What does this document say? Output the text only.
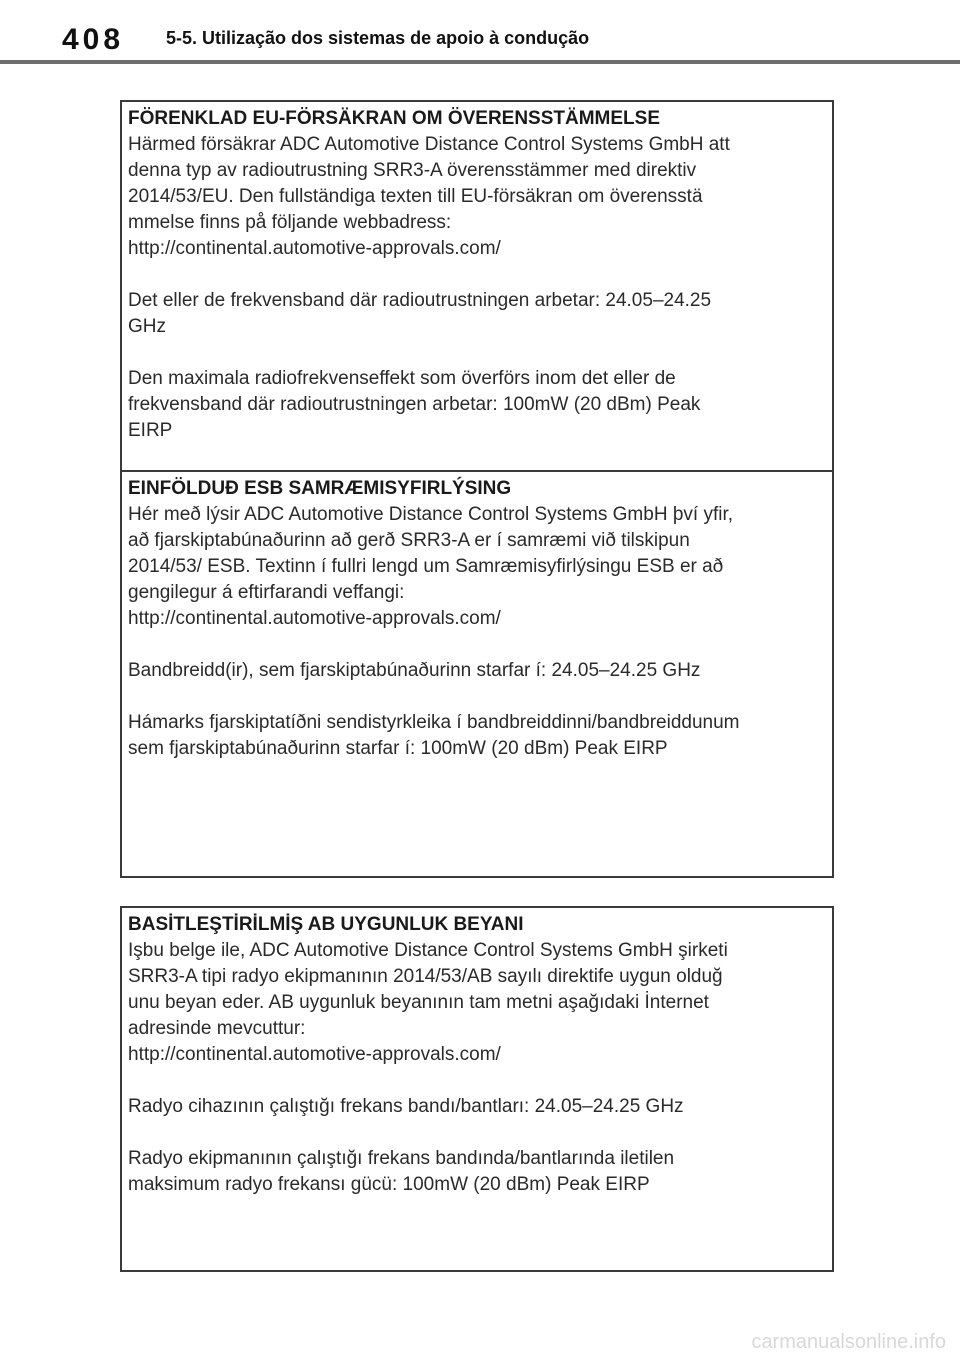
408 5-5. Utilização dos sistemas de apoio à condução

FÖRENKLAD EU-FÖRSÄKRAN OM ÖVERENSSTÄMMELSE

Härmed försäkrar ADC Automotive Distance Control Systems GmbH att
denna typ av radioutrustning SRR3-A överensstämmer med direktiv
2014/53/EU. Den fullständiga texten till EU-försäkran om överensstä
mmelse finns på följande webbadress:
http://continental.automotive-approvals.com/

Det eller de frekvensband där radioutrustningen arbetar: 24.05–24.25
GHz

Den maximala radiofrekvenseffekt som överförs inom det eller de
frekvensband där radioutrustningen arbetar: 100mW (20 dBm) Peak
EIRP

EINFÖLDUÐ ESB SAMRÆMISYFIRLÝSING

Hér með lýsir ADC Automotive Distance Control Systems GmbH því yfir,
að fjarskiptabúnaðurinn að gerð SRR3-A er í samræmi við tilskipun
2014/53/ ESB. Textinn í fullri lengd um Samræmisyfirlýsingu ESB er að
gengilegur á eftirfarandi veffangi:
http://continental.automotive-approvals.com/

Bandbreidd(ir), sem fjarskiptabúnaðurinn starfar í: 24.05–24.25 GHz

Hámarks fjarskiptatíðni sendistyrkleika í bandbreiddinni/bandbreiddunum
sem fjarskiptabúnaðurinn starfar í: 100mW (20 dBm) Peak EIRP

BASİTLEŞTİRİLMİŞ AB UYGUNLUK BEYANI

Işbu belge ile, ADC Automotive Distance Control Systems GmbH şirketi
SRR3-A tipi radyo ekipmanının 2014/53/AB sayılı direktife uygun olduğ
unu beyan eder. AB uygunluk beyanının tam metni aşağıdaki İnternet
adresinde mevcuttur:
http://continental.automotive-approvals.com/

Radyo cihazının çalıştığı frekans bandı/bantları: 24.05–24.25 GHz

Radyo ekipmanının çalıştığı frekans bandında/bantlarında iletilen
maksimum radyo frekansı gücü: 100mW (20 dBm) Peak EIRP

carmanualsonline.info
